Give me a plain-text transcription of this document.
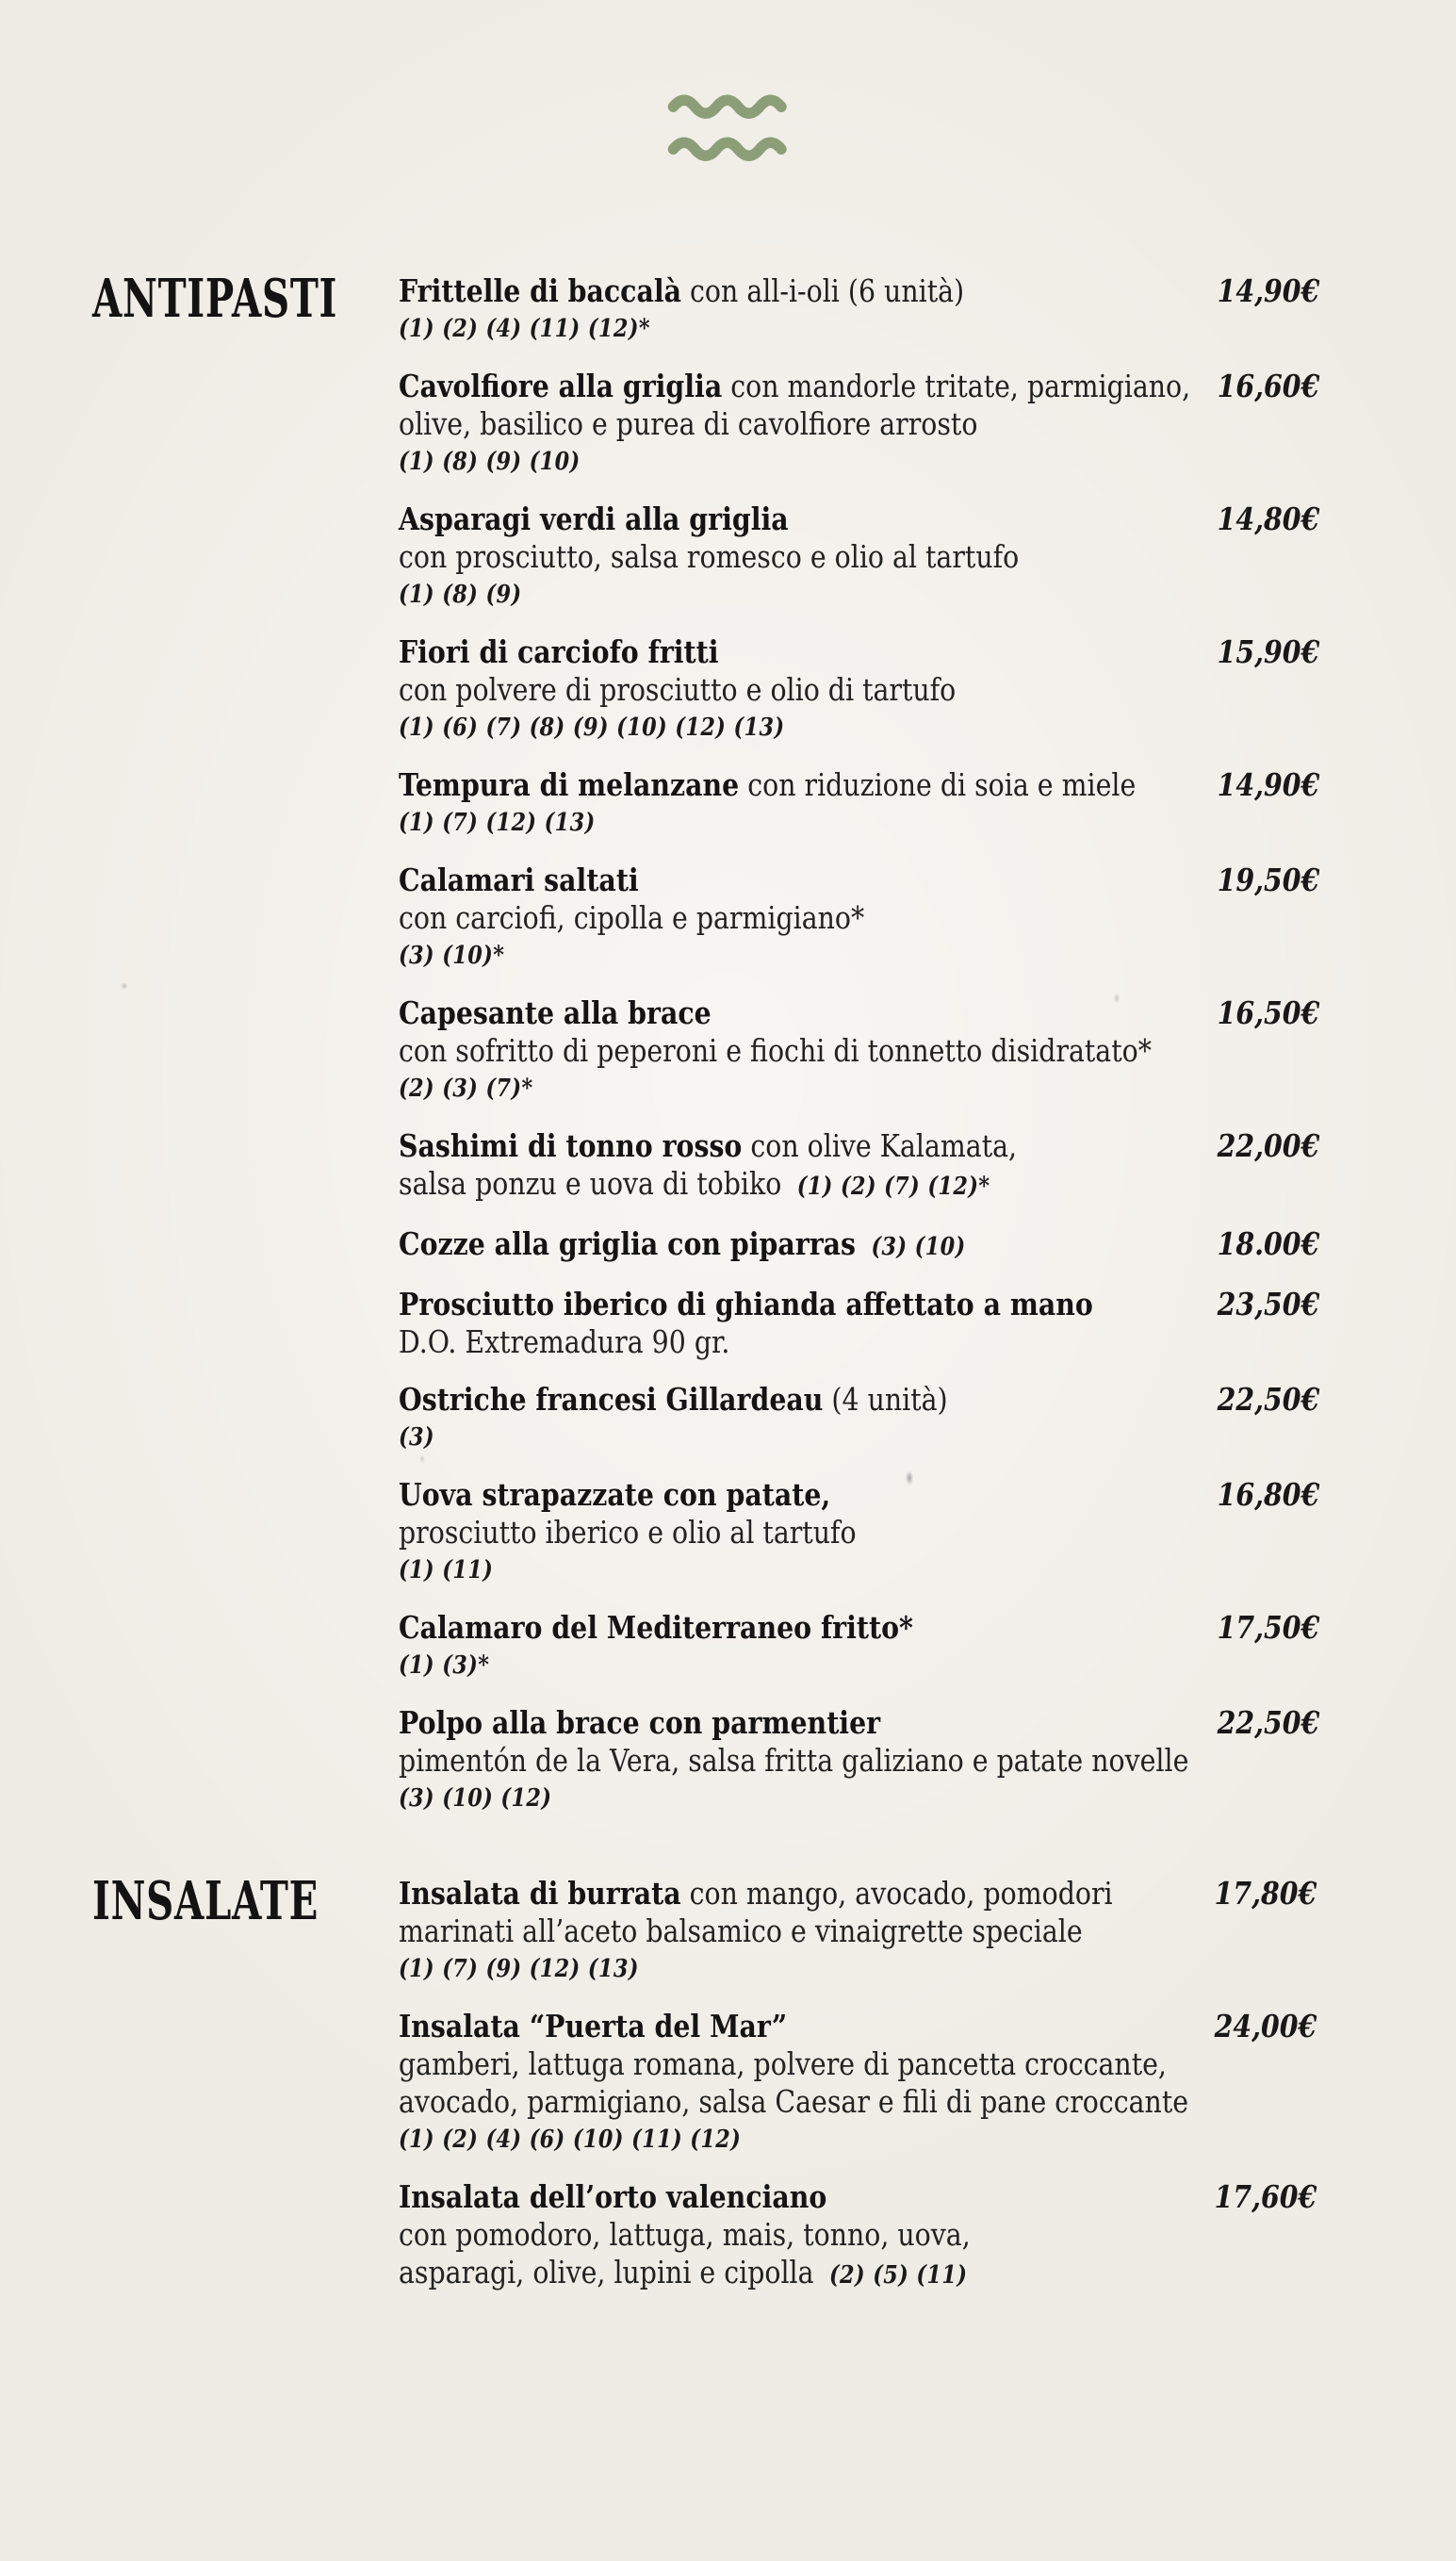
ANTIPASTI Frittelle di baccalà con all-i-oli (6 unità)
(1) (2) (4) (11) (12)*
14,90€
Cavolfiore alla griglia con mandorle tritate, parmigiano,
olive, basilico e purea di cavolfiore arrosto
(1) (8) (9) (10)
16,60€
Asparagi verdi alla griglia
con prosciutto, salsa romesco e olio al tartufo
(1) (8) (9)
14,80€
Fiori di carciofo fritti
con polvere di prosciutto e olio di tartufo
(1) (6) (7) (8) (9) (10) (12) (13)
15,90€
Tempura di melanzane con riduzione di soia e miele
(1) (7) (12) (13)
14,90€
Calamari saltati
con carciofi, cipolla e parmigiano*
(3) (10)*
19,50€
Capesante alla brace
con sofritto di peperoni e fiochi di tonnetto disidratato*
(2) (3) (7)*
16,50€
Sashimi di tonno rosso con olive Kalamata,
salsa ponzu e uova di tobiko  (1) (2) (7) (12)*
22,00€
Cozze alla griglia con piparras  (3) (10)	18.00€
Prosciutto iberico di ghianda affettato a mano
D.O. Extremadura 90 gr.
23,50€
Ostriche francesi Gillardeau (4 unità)
(3)
22,50€
Uova strapazzate con patate,
prosciutto iberico e olio al tartufo
(1) (11)
16,80€
Calamaro del Mediterraneo fritto*
(1) (3)*
17,50€
Polpo alla brace con parmentier
pimentón de la Vera, salsa fritta galiziano e patate novelle
(3) (10) (12)
22,50€
INSALATE	Insalata di burrata con mango, avocado, pomodori
marinati all’aceto balsamico e vinaigrette speciale
(1) (7) (9) (12) (13)
17,80€
Insalata “Puerta del Mar”
gamberi, lattuga romana, polvere di pancetta croccante,
avocado, parmigiano, salsa Caesar e fili di pane croccante
(1) (2) (4) (6) (10) (11) (12)
24,00€
Insalata dell’orto valenciano
con pomodoro, lattuga, mais, tonno, uova,
asparagi, olive, lupini e cipolla  (2) (5) (11)
17,60€
